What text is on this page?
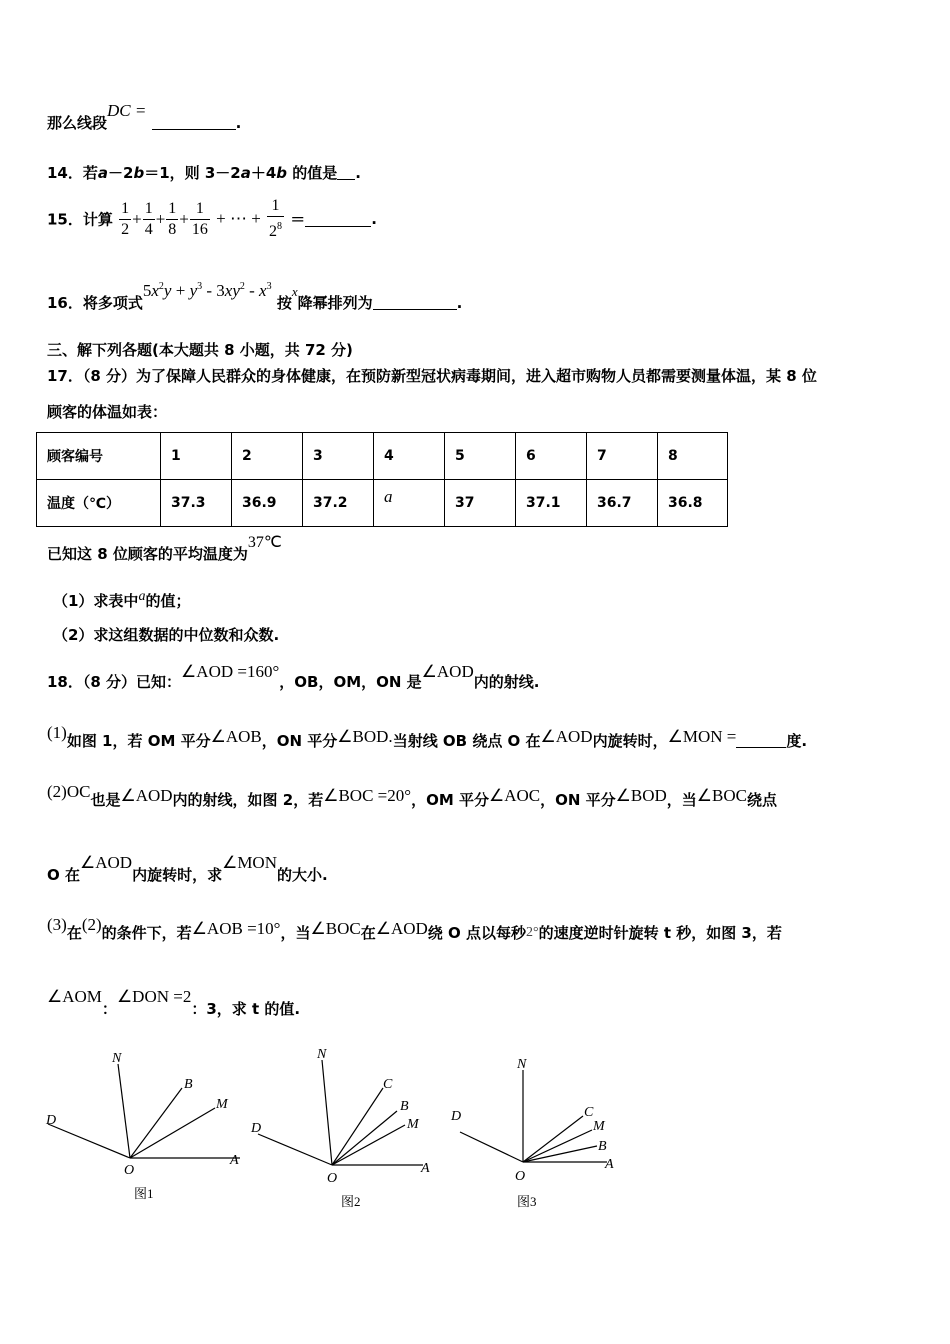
那么线段DC = .
14．若a－2b＝1，则 3－2a＋4b 的值是 .
15．计算 $\frac{1}{2} + \frac{1}{4} + \frac{1}{8} + \frac{1}{16}$ + ⋯ + $\frac{1}{2^8}$ ＝	.
16．将多项式$5x^2y + y^3 - 3xy^2 - x^3$ 按x降幂排列为	.
三、解下列各题(本大题共 8 小题，共 72 分)
17．（8 分）为了保障人民群众的身体健康，在预防新型冠状病毒期间，进入超市购物人员都需要测量体温，某 8 位
顾客的体温如表：
顾客编号	1	2	3	4	5	6	7	8
温度（℃）	37.3	36.9	37.2	a	37	37.1	36.7	36.8
已知这 8 位顾客的平均温度为37℃
（1）求表中a的值；
（2）求这组数据的中位数和众数.
18．（8 分）已知：∠AOD =160°，OB，OM，ON 是∠AOD内的射线.
(1)如图 1，若 OM 平分∠AOB，ON 平分∠BOD.当射线 OB 绕点 O 在∠AOD内旋转时，∠MON =	度.
(2)OC也是∠AOD内的射线，如图 2，若∠BOC =20°，OM 平分∠AOC，ON 平分∠BOD，当∠BOC绕点
O 在∠AOD内旋转时，求∠MON的大小.
(3)在(2)的条件下，若∠AOB =10°，当∠BOC在∠AOD绕 O 点以每秒2°的速度逆时针旋转 t 秒，如图 3，若
∠AOM：∠DON =2：3，求 t 的值.
N
B
M
D
O
A
图1
N
C
B
M
D
O
A
图2
N
C
M
B
D
O
A
图3
